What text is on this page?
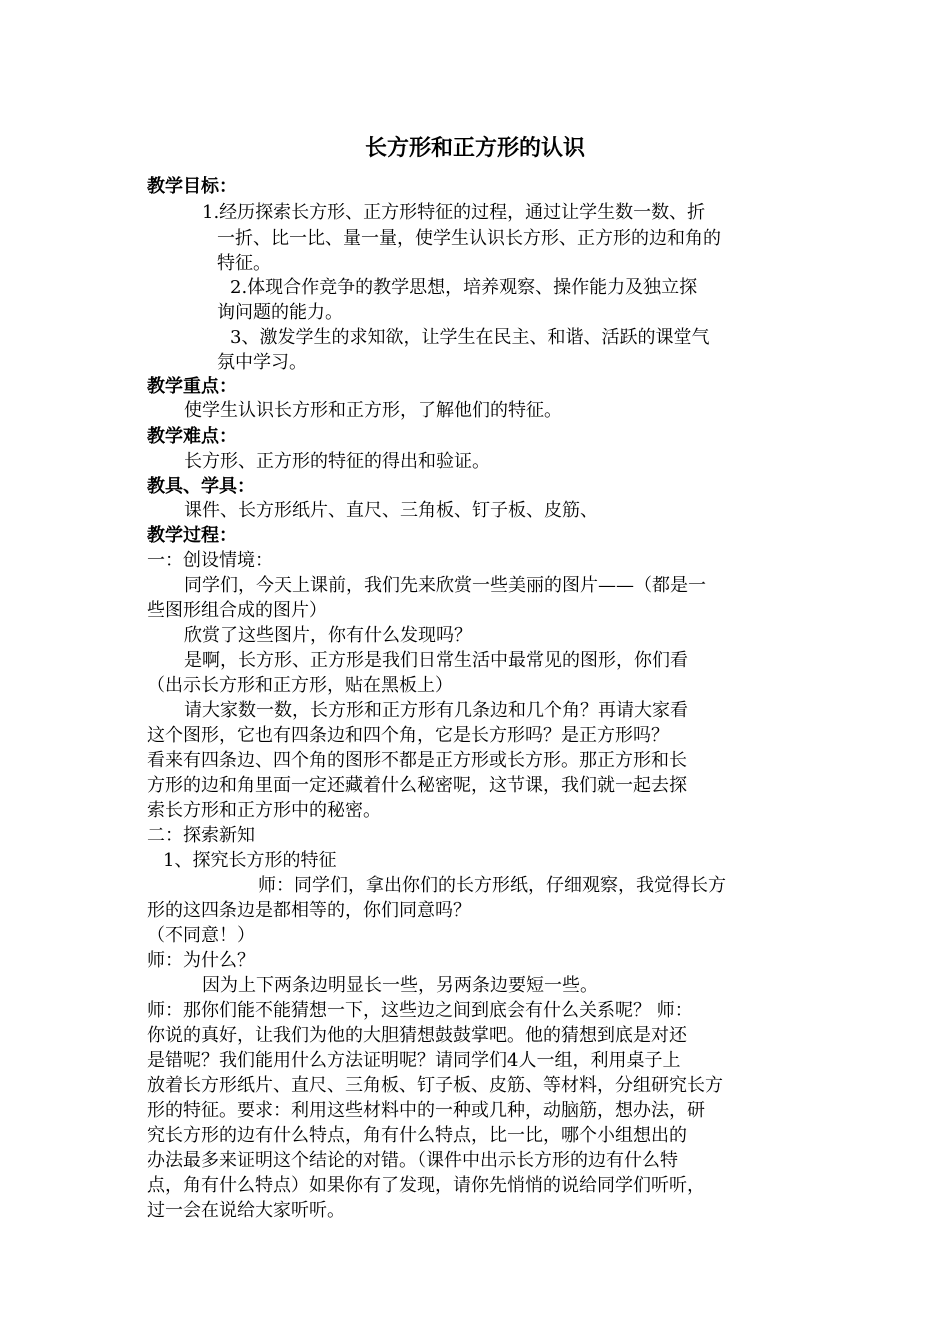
长方形和正方形的认识
教学目标：
1.经历探索长方形、正方形特征的过程，通过让学生数一数、折
一折、比一比、量一量，使学生认识长方形、正方形的边和角的
特征。
2.体现合作竞争的教学思想，培养观察、操作能力及独立探
询问题的能力。
3、激发学生的求知欲，让学生在民主、和谐、活跃的课堂气
氛中学习。
教学重点：
使学生认识长方形和正方形，了解他们的特征。
教学难点：
长方形、正方形的特征的得出和验证。
教具、学具：
课件、长方形纸片、直尺、三角板、钉子板、皮筋、
教学过程：
一：创设情境：
同学们，今天上课前，我们先来欣赏一些美丽的图片——（都是一
些图形组合成的图片）
欣赏了这些图片，你有什么发现吗？
是啊，长方形、正方形是我们日常生活中最常见的图形，你们看
（出示长方形和正方形，贴在黑板上）
请大家数一数，长方形和正方形有几条边和几个角？再请大家看
这个图形，它也有四条边和四个角，它是长方形吗？是正方形吗？
看来有四条边、四个角的图形不都是正方形或长方形。那正方形和长
方形的边和角里面一定还藏着什么秘密呢，这节课，我们就一起去探
索长方形和正方形中的秘密。
二：探索新知
1、探究长方形的特征
师：同学们，拿出你们的长方形纸，仔细观察，我觉得长方
形的这四条边是都相等的，你们同意吗？
（不同意！）
师：为什么？
因为上下两条边明显长一些，另两条边要短一些。
师：那你们能不能猜想一下，这些边之间到底会有什么关系呢？ 师：
你说的真好，让我们为他的大胆猜想鼓鼓掌吧。他的猜想到底是对还
是错呢？我们能用什么方法证明呢？请同学们4人一组，利用桌子上
放着长方形纸片、直尺、三角板、钉子板、皮筋、等材料，分组研究长方
形的特征。要求：利用这些材料中的一种或几种，动脑筋，想办法，研
究长方形的边有什么特点，角有什么特点，比一比，哪个小组想出的
办法最多来证明这个结论的对错。（课件中出示长方形的边有什么特
点，角有什么特点）如果你有了发现，请你先悄悄的说给同学们听听，
过一会在说给大家听听。
